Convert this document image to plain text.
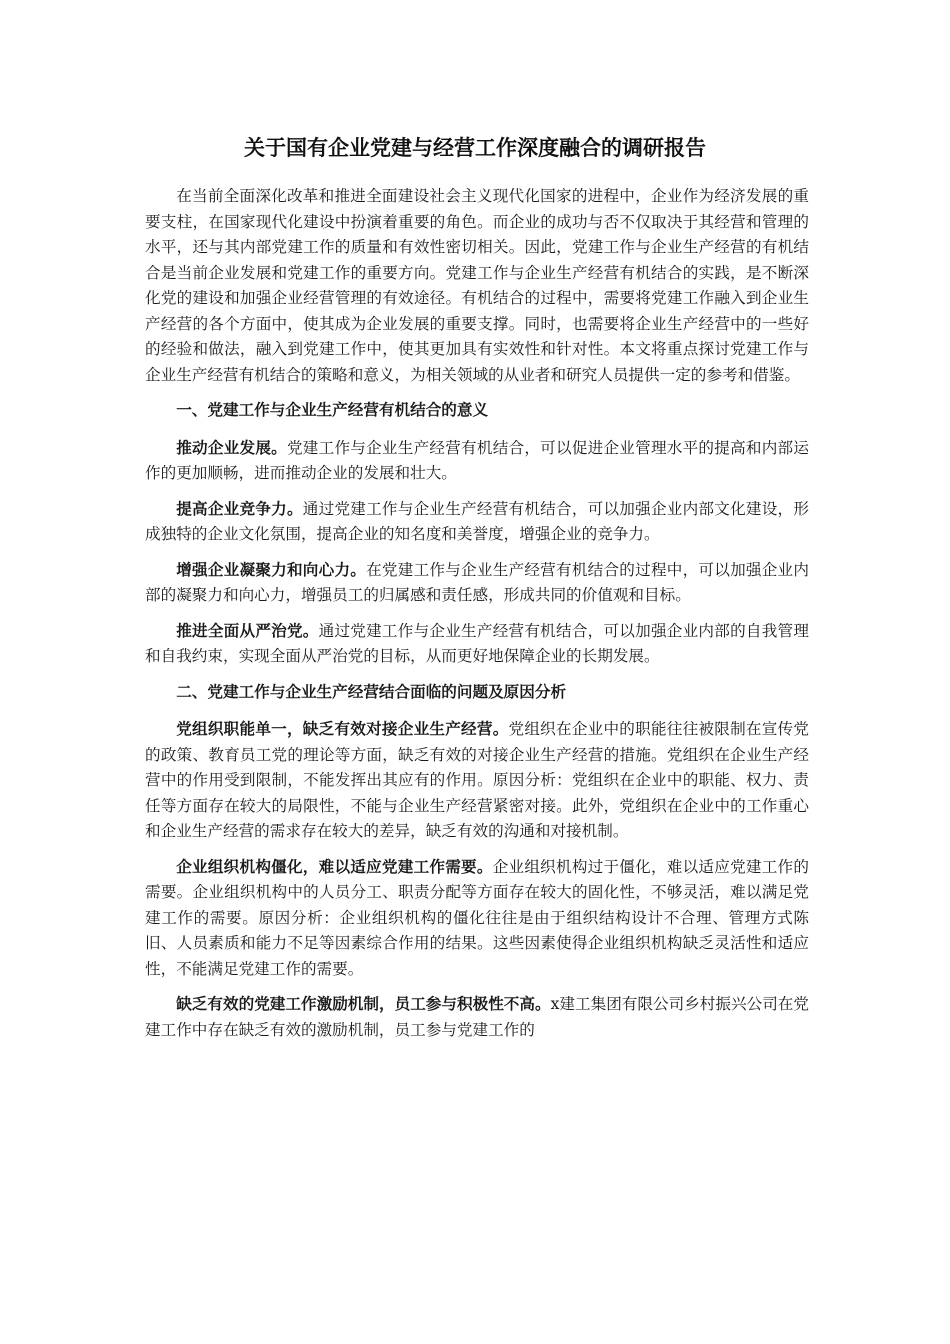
关于国有企业党建与经营工作深度融合的调研报告

在当前全面深化改革和推进全面建设社会主义现代化国家的进程中，企业作为经济发展的重要支柱，在国家现代化建设中扮演着重要的角色。而企业的成功与否不仅取决于其经营和管理的水平，还与其内部党建工作的质量和有效性密切相关。因此，党建工作与企业生产经营的有机结合是当前企业发展和党建工作的重要方向。党建工作与企业生产经营有机结合的实践，是不断深化党的建设和加强企业经营管理的有效途径。有机结合的过程中，需要将党建工作融入到企业生产经营的各个方面中，使其成为企业发展的重要支撑。同时，也需要将企业生产经营中的一些好的经验和做法，融入到党建工作中，使其更加具有实效性和针对性。本文将重点探讨党建工作与企业生产经营有机结合的策略和意义，为相关领域的从业者和研究人员提供一定的参考和借鉴。

一、党建工作与企业生产经营有机结合的意义

推动企业发展。党建工作与企业生产经营有机结合，可以促进企业管理水平的提高和内部运作的更加顺畅，进而推动企业的发展和壮大。

提高企业竞争力。通过党建工作与企业生产经营有机结合，可以加强企业内部文化建设，形成独特的企业文化氛围，提高企业的知名度和美誉度，增强企业的竞争力。

增强企业凝聚力和向心力。在党建工作与企业生产经营有机结合的过程中，可以加强企业内部的凝聚力和向心力，增强员工的归属感和责任感，形成共同的价值观和目标。

推进全面从严治党。通过党建工作与企业生产经营有机结合，可以加强企业内部的自我管理和自我约束，实现全面从严治党的目标，从而更好地保障企业的长期发展。

二、党建工作与企业生产经营结合面临的问题及原因分析

党组织职能单一，缺乏有效对接企业生产经营。党组织在企业中的职能往往被限制在宣传党的政策、教育员工党的理论等方面，缺乏有效的对接企业生产经营的措施。党组织在企业生产经营中的作用受到限制，不能发挥出其应有的作用。原因分析：党组织在企业中的职能、权力、责任等方面存在较大的局限性，不能与企业生产经营紧密对接。此外，党组织在企业中的工作重心和企业生产经营的需求存在较大的差异，缺乏有效的沟通和对接机制。

企业组织机构僵化，难以适应党建工作需要。企业组织机构过于僵化，难以适应党建工作的需要。企业组织机构中的人员分工、职责分配等方面存在较大的固化性，不够灵活，难以满足党建工作的需要。原因分析：企业组织机构的僵化往往是由于组织结构设计不合理、管理方式陈旧、人员素质和能力不足等因素综合作用的结果。这些因素使得企业组织机构缺乏灵活性和适应性，不能满足党建工作的需要。

缺乏有效的党建工作激励机制，员工参与积极性不高。x建工集团有限公司乡村振兴公司在党建工作中存在缺乏有效的激励机制，员工参与党建工作的
